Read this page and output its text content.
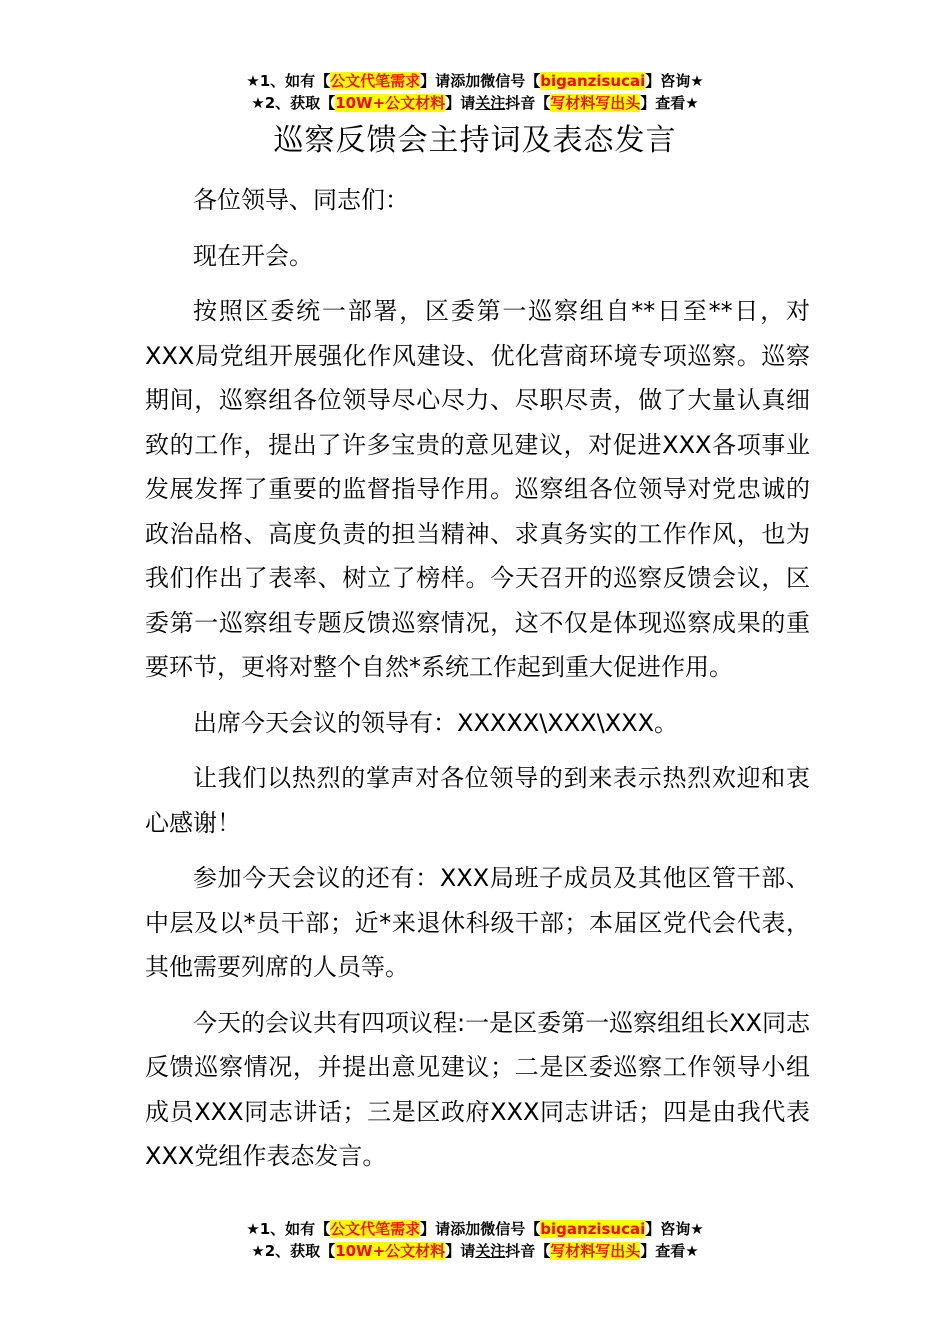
★1、如有【公文代笔需求】请添加微信号【biganzisucai】咨询★
★2、获取【10W+公文材料】请关注抖音【写材料写出头】查看★
巡察反馈会主持词及表态发言

各位领导、同志们：

现在开会。

按照区委统一部署，区委第一巡察组自**日至**日，对XXX局党组开展强化作风建设、优化营商环境专项巡察。巡察期间，巡察组各位领导尽心尽力、尽职尽责，做了大量认真细致的工作，提出了许多宝贵的意见建议，对促进XXX各项事业发展发挥了重要的监督指导作用。巡察组各位领导对党忠诚的政治品格、高度负责的担当精神、求真务实的工作作风，也为我们作出了表率、树立了榜样。今天召开的巡察反馈会议，区委第一巡察组专题反馈巡察情况，这不仅是体现巡察成果的重要环节，更将对整个自然*系统工作起到重大促进作用。

出席今天会议的领导有：XXXXX\XXX\XXX。

让我们以热烈的掌声对各位领导的到来表示热烈欢迎和衷心感谢！

参加今天会议的还有：XXX局班子成员及其他区管干部、中层及以*员干部；近*来退休科级干部；本届区党代会代表，其他需要列席的人员等。

今天的会议共有四项议程:一是区委第一巡察组组长XX同志反馈巡察情况，并提出意见建议；二是区委巡察工作领导小组成员XXX同志讲话；三是区政府XXX同志讲话；四是由我代表XXX党组作表态发言。

★1、如有【公文代笔需求】请添加微信号【biganzisucai】咨询★
★2、获取【10W+公文材料】请关注抖音【写材料写出头】查看★
